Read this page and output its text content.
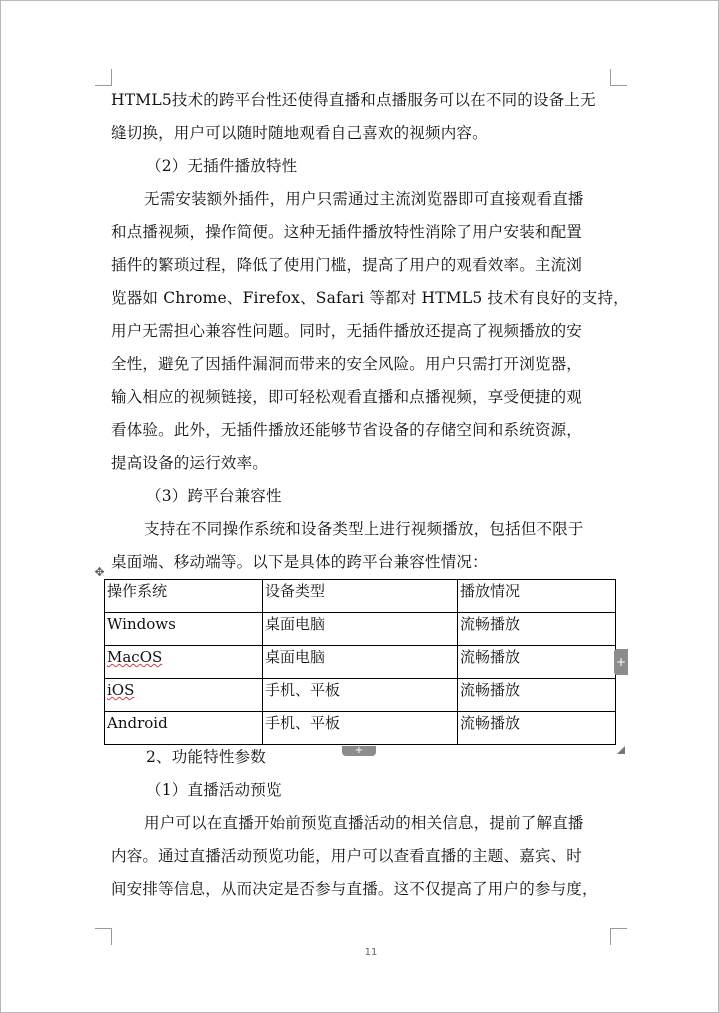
HTML5技术的跨平台性还使得直播和点播服务可以在不同的设备上无
缝切换，用户可以随时随地观看自己喜欢的视频内容。
（2）无插件播放特性
无需安装额外插件，用户只需通过主流浏览器即可直接观看直播
和点播视频，操作简便。这种无插件播放特性消除了用户安装和配置
插件的繁琐过程，降低了使用门槛，提高了用户的观看效率。主流浏
览器如 Chrome、Firefox、Safari 等都对 HTML5 技术有良好的支持，
用户无需担心兼容性问题。同时，无插件播放还提高了视频播放的安
全性，避免了因插件漏洞而带来的安全风险。用户只需打开浏览器，
输入相应的视频链接，即可轻松观看直播和点播视频，享受便捷的观
看体验。此外，无插件播放还能够节省设备的存储空间和系统资源，
提高设备的运行效率。
（3）跨平台兼容性
支持在不同操作系统和设备类型上进行视频播放，包括但不限于
桌面端、移动端等。以下是具体的跨平台兼容性情况：
✥
操作系统	设备类型	播放情况
Windows	桌面电脑	流畅播放
MacOS	桌面电脑	流畅播放
iOS	手机、平板	流畅播放
Android	手机、平板	流畅播放
+
+
2、功能特性参数
（1）直播活动预览
用户可以在直播开始前预览直播活动的相关信息，提前了解直播
内容。通过直播活动预览功能，用户可以查看直播的主题、嘉宾、时
间安排等信息，从而决定是否参与直播。这不仅提高了用户的参与度，
11
